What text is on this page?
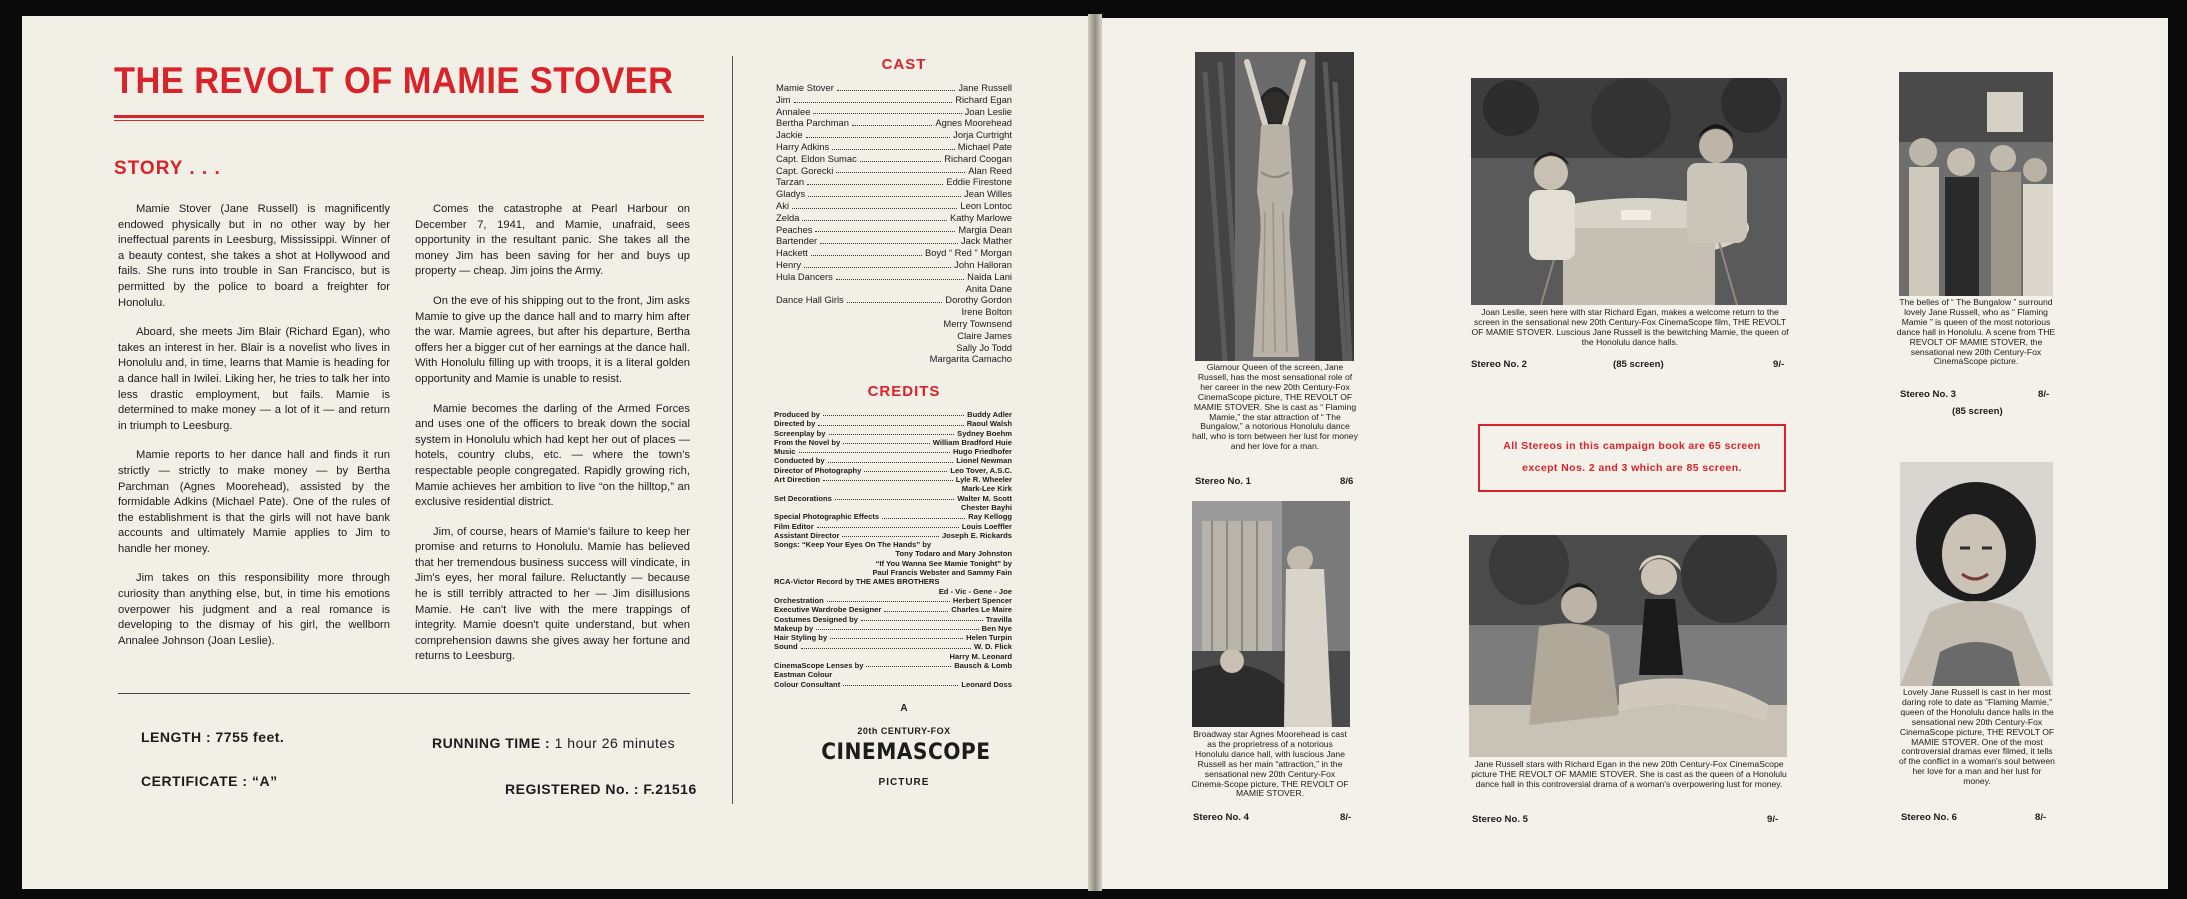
THE REVOLT OF MAMIE STOVER
STORY . . .

Mamie Stover (Jane Russell) is magnificently endowed physically but in no other way by her ineffectual parents in Leesburg, Mississippi. Winner of a beauty contest, she takes a shot at Hollywood and fails. She runs into trouble in San Francisco, but is permitted by the police to board a freighter for Honolulu.

Aboard, she meets Jim Blair (Richard Egan), who takes an interest in her. Blair is a novelist who lives in Honolulu and, in time, learns that Mamie is heading for a dance hall in Iwilei. Liking her, he tries to talk her into less drastic employment, but fails. Mamie is determined to make money — a lot of it — and return in triumph to Leesburg.

Mamie reports to her dance hall and finds it run strictly — strictly to make money — by Bertha Parchman (Agnes Moorehead), assisted by the formidable Adkins (Michael Pate). One of the rules of the establishment is that the girls will not have bank accounts and ultimately Mamie applies to Jim to handle her money.

Jim takes on this responsibility more through curiosity than anything else, but, in time his emotions overpower his judgment and a real romance is developing to the dismay of his girl, the wellborn Annalee Johnson (Joan Leslie).

Comes the catastrophe at Pearl Harbour on December 7, 1941, and Mamie, unafraid, sees opportunity in the resultant panic. She takes all the money Jim has been saving for her and buys up property — cheap. Jim joins the Army.

On the eve of his shipping out to the front, Jim asks Mamie to give up the dance hall and to marry him after the war. Mamie agrees, but after his departure, Bertha offers her a bigger cut of her earnings at the dance hall. With Honolulu filling up with troops, it is a literal golden opportunity and Mamie is unable to resist.

Mamie becomes the darling of the Armed Forces and uses one of the officers to break down the social system in Honolulu which had kept her out of places — hotels, country clubs, etc. — where the town's respectable people congregated. Rapidly growing rich, Mamie achieves her ambition to live “on the hilltop,” an exclusive residential district.

Jim, of course, hears of Mamie's failure to keep her promise and returns to Honolulu. Mamie has believed that her tremendous business success will vindicate, in Jim's eyes, her moral failure. Reluctantly — because he is still terribly attracted to her — Jim disillusions Mamie. He can't live with the mere trappings of integrity. Mamie doesn't quite understand, but when comprehension dawns she gives away her fortune and returns to Leesburg.

LENGTH : 7755 feet.
CERTIFICATE : “A”
RUNNING TIME : 1 hour 26 minutes
REGISTERED No. : F.21516
CAST
Mamie Stover	Jane Russell
Jim	Richard Egan
Annalee	Joan Leslie
Bertha Parchman	Agnes Moorehead
Jackie	Jorja Curtright
Harry Adkins	Michael Pate
Capt. Eldon Sumac	Richard Coogan
Capt. Gorecki	Alan Reed
Tarzan	Eddie Firestone
Gladys	Jean Willes
Aki	Leon Lontoc
Zelda	Kathy Marlowe
Peaches	Margia Dean
Bartender	Jack Mather
Hackett	Boyd “ Red ” Morgan
Henry	John Halloran
Hula Dancers	Naida Lani
Anita Dane
Dance Hall Girls	Dorothy Gordon
Irene Bolton
Merry Townsend
Claire James
Sally Jo Todd
Margarita Camacho
CREDITS
Produced by	Buddy Adler
Directed by	Raoul Walsh
Screenplay by	Sydney Boehm
From the Novel by	William Bradford Huie
Music	Hugo Friedhofer
Conducted by	Lionel Newman
Director of Photography	Leo Tover, A.S.C.
Art Direction	Lyle R. Wheeler
Mark-Lee Kirk
Set Decorations	Walter M. Scott
Chester Bayhi
Special Photographic Effects	Ray Kellogg
Film Editor	Louis Loeffler
Assistant Director	Joseph E. Rickards
Songs: “Keep Your Eyes On The Hands” by
Tony Todaro and Mary Johnston
“If You Wanna See Mamie Tonight” by
Paul Francis Webster and Sammy Fain
RCA-Victor Record by THE AMES BROTHERS
Ed - Vic - Gene - Joe
Orchestration	Herbert Spencer
Executive Wardrobe Designer	Charles Le Maire
Costumes Designed by	Travilla
Makeup by	Ben Nye
Hair Styling by	Helen Turpin
Sound	W. D. Flick
Harry M. Leonard
CinemaScope Lenses by	Bausch & Lomb
Eastman Colour
Colour Consultant	Leonard Doss
A
20th CENTURY-FOX
CINEMASCOPE
PICTURE
Glamour Queen of the screen, Jane Russell, has the most sensational role of her career in the new 20th Century-Fox CinemaScope picture, THE REVOLT OF MAMIE STOVER. She is cast as “ Flaming Mamie,” the star attraction of “ The Bungalow,” a notorious Honolulu dance hall, who is torn between her lust for money and her love for a man.
Stereo No. 1	8/6
Joan Leslie, seen here with star Richard Egan, makes a welcome return to the screen in the sensational new 20th Century-Fox CinemaScope film, THE REVOLT OF MAMIE STOVER. Luscious Jane Russell is the bewitching Mamie, the queen of the Honolulu dance halls.
Stereo No. 2	(85 screen)	9/-
The belles of “ The Bungalow ” surround lovely Jane Russell, who as “ Flaming Mamie ” is queen of the most notorious dance hall in Honolulu. A scene from THE REVOLT OF MAMIE STOVER, the sensational new 20th Century-Fox CinemaScope picture.
Stereo No. 3	8/-
(85 screen)
All Stereos in this campaign book are 65 screen
except Nos. 2 and 3 which are 85 screen.
Broadway star Agnes Moorehead is cast as the proprietress of a notorious Honolulu dance hall, with luscious Jane Russell as her main “attraction,” in the sensational new 20th Century-Fox Cinema-Scope picture, THE REVOLT OF MAMIE STOVER.
Stereo No. 4	8/-
Jane Russell stars with Richard Egan in the new 20th Century-Fox CinemaScope picture THE REVOLT OF MAMIE STOVER. She is cast as the queen of a Honolulu dance hall in this controversial drama of a woman's overpowering lust for money.
Stereo No. 5	9/-
Lovely Jane Russell is cast in her most daring role to date as “Flaming Mamie,” queen of the Honolulu dance halls in the sensational new 20th Century-Fox CinemaScope picture, THE REVOLT OF MAMIE STOVER. One of the most controversial dramas ever filmed, it tells of the conflict in a woman's soul between her love for a man and her lust for money.
Stereo No. 6	8/-
